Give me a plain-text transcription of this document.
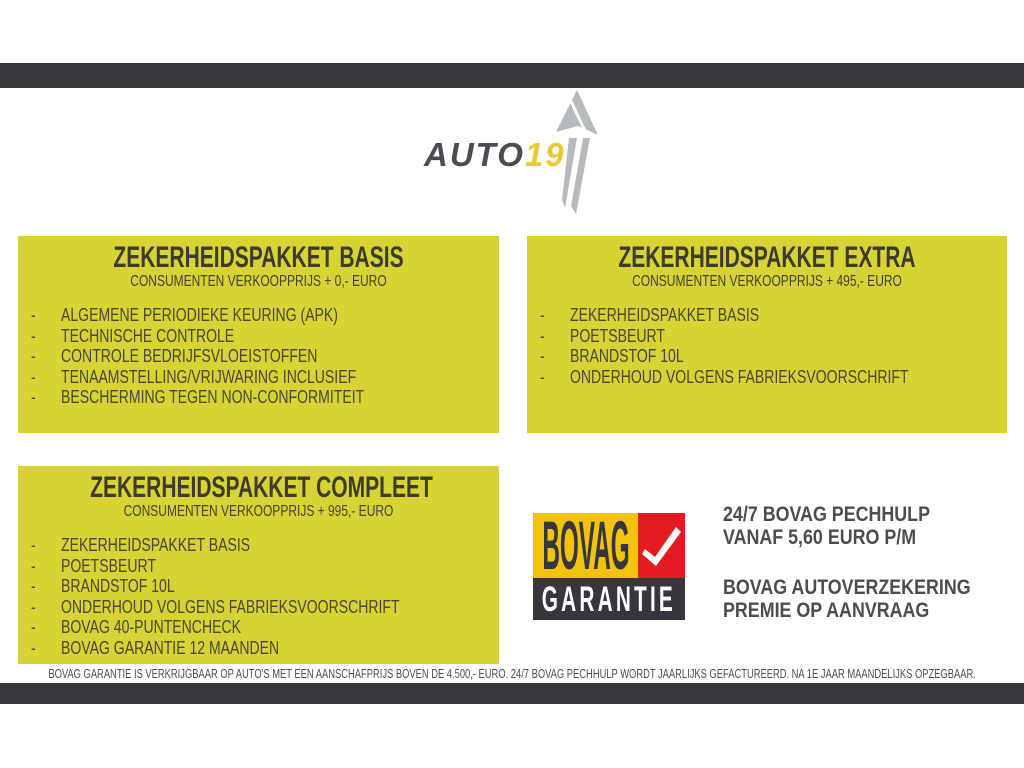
AUTO19
ZEKERHEIDSPAKKET BASIS
CONSUMENTEN VERKOOPPRIJS + 0,- EURO
-	ALGEMENE PERIODIEKE KEURING (APK)
-	TECHNISCHE CONTROLE
-	CONTROLE BEDRIJFSVLOEISTOFFEN
-	TENAAMSTELLING/VRIJWARING INCLUSIEF
-	BESCHERMING TEGEN NON-CONFORMITEIT
ZEKERHEIDSPAKKET EXTRA
CONSUMENTEN VERKOOPPRIJS + 495,- EURO
-	ZEKERHEIDSPAKKET BASIS
-	POETSBEURT
-	BRANDSTOF 10L
-	ONDERHOUD VOLGENS FABRIEKSVOORSCHRIFT
ZEKERHEIDSPAKKET COMPLEET
CONSUMENTEN VERKOOPPRIJS + 995,- EURO
-	ZEKERHEIDSPAKKET BASIS
-	POETSBEURT
-	BRANDSTOF 10L
-	ONDERHOUD VOLGENS FABRIEKSVOORSCHRIFT
-	BOVAG 40-PUNTENCHECK
-	BOVAG GARANTIE 12 MAANDEN
BOVAG
GARANTIE
24/7 BOVAG PECHHULP
VANAF 5,60 EURO P/M
BOVAG AUTOVERZEKERING
PREMIE OP AANVRAAG
BOVAG GARANTIE IS VERKRIJGBAAR OP AUTO'S MET EEN AANSCHAFPRIJS BOVEN DE 4.500,- EURO. 24/7 BOVAG PECHHULP WORDT JAARLIJKS GEFACTUREERD. NA 1E JAAR MAANDELIJKS OPZEGBAAR.
